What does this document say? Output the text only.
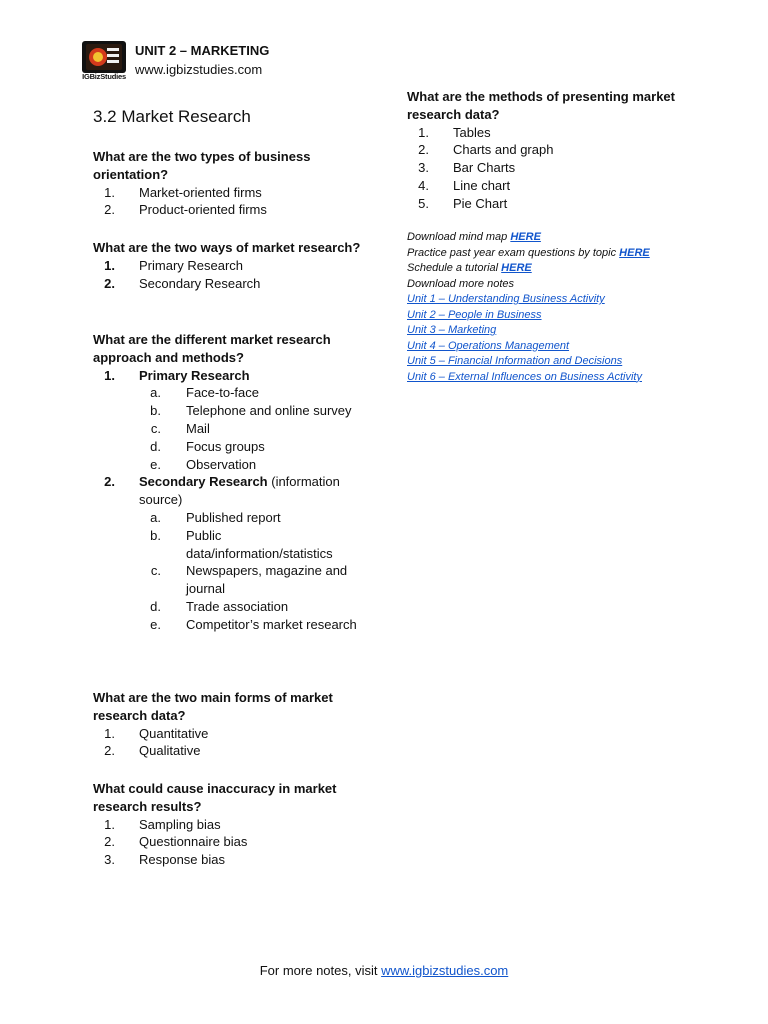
IGBizStudies
UNIT 2 – MARKETING
www.igbizstudies.com
3.2 Market Research
What are the two types of business orientation?
1.	Market-oriented firms
2.	Product-oriented firms
What are the two ways of market research?
1.	Primary Research
2.	Secondary Research
What are the different market research approach and methods?
1.	Primary Research
a.	Face-to-face
b.	Telephone and online survey
c.	Mail
d.	Focus groups
e.	Observation
2.	Secondary Research (information source)
a.	Published report
b.	Public data/information/statistics
c.	Newspapers, magazine and journal
d.	Trade association
e.	Competitor’s market research
What are the two main forms of market research data?
1.	Quantitative
2.	Qualitative
What could cause inaccuracy in market research results?
1.	Sampling bias
2.	Questionnaire bias
3.	Response bias
What are the methods of presenting market research data?
1.	Tables
2.	Charts and graph
3.	Bar Charts
4.	Line chart
5.	Pie Chart
Download mind map HERE
Practice past year exam questions by topic HERE
Schedule a tutorial HERE
Download more notes
Unit 1 – Understanding Business Activity
Unit 2 – People in Business
Unit 3 – Marketing
Unit 4 – Operations Management
Unit 5 – Financial Information and Decisions
Unit 6 – External Influences on Business Activity
For more notes, visit www.igbizstudies.com
